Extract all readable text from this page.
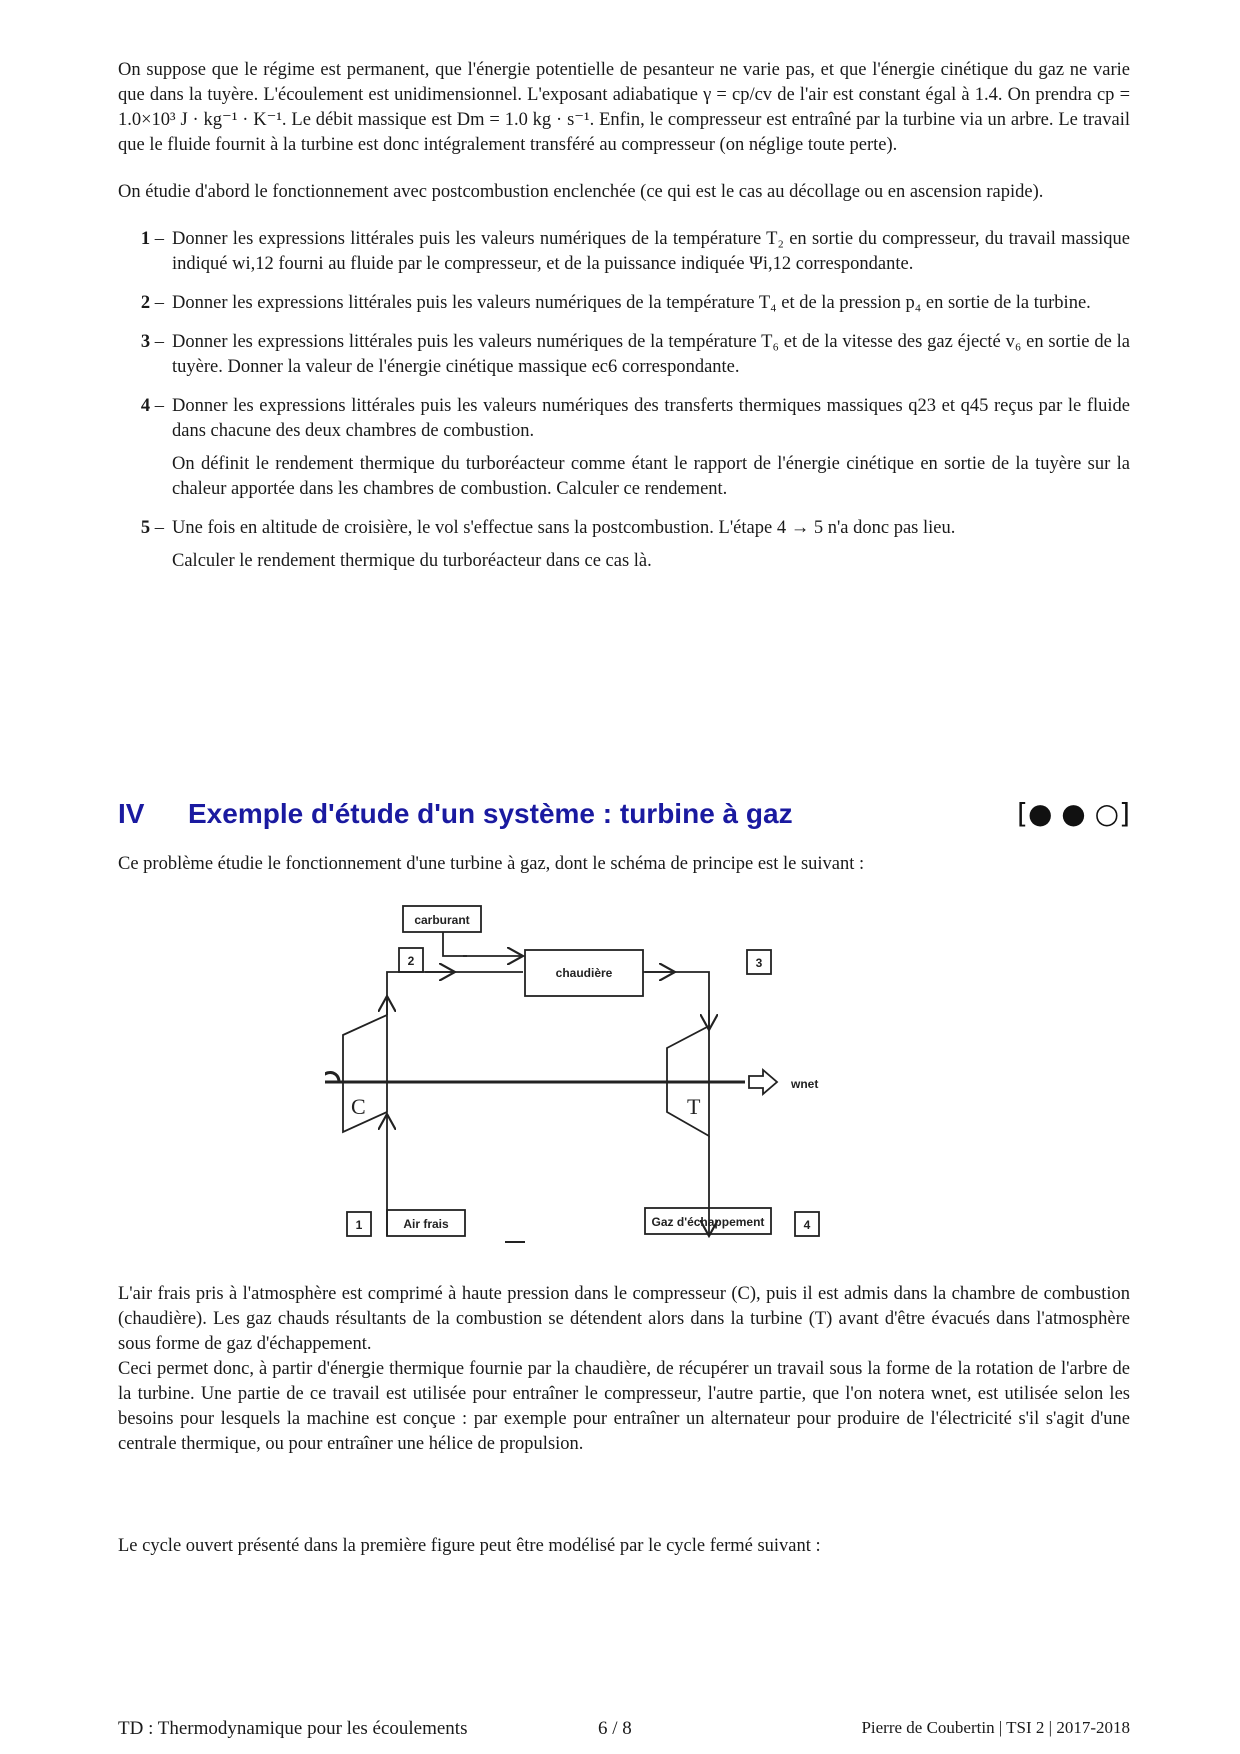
On suppose que le régime est permanent, que l'énergie potentielle de pesanteur ne varie pas, et que l'énergie cinétique du gaz ne varie que dans la tuyère. L'écoulement est unidimensionnel. L'exposant adiabatique γ = cp/cv de l'air est constant égal à 1.4. On prendra cp = 1.0×10³ J · kg⁻¹ · K⁻¹. Le débit massique est Dm = 1.0 kg · s⁻¹. Enfin, le compresseur est entraîné par la turbine via un arbre. Le travail que le fluide fournit à la turbine est donc intégralement transféré au compresseur (on néglige toute perte).

On étudie d'abord le fonctionnement avec postcombustion enclenchée (ce qui est le cas au décollage ou en ascension rapide).

1 – Donner les expressions littérales puis les valeurs numériques de la température T₂ en sortie du compresseur, du travail massique indiqué wi,12 fourni au fluide par le compresseur, et de la puissance indiquée Ψi,12 correspondante.

2 – Donner les expressions littérales puis les valeurs numériques de la température T₄ et de la pression p₄ en sortie de la turbine.

3 – Donner les expressions littérales puis les valeurs numériques de la température T₆ et de la vitesse des gaz éjecté v₆ en sortie de la tuyère. Donner la valeur de l'énergie cinétique massique ec6 correspondante.

4 – Donner les expressions littérales puis les valeurs numériques des transferts thermiques massiques q23 et q45 reçus par le fluide dans chacune des deux chambres de combustion.

On définit le rendement thermique du turboréacteur comme étant le rapport de l'énergie cinétique en sortie de la tuyère sur la chaleur apportée dans les chambres de combustion. Calculer ce rendement.

5 – Une fois en altitude de croisière, le vol s'effectue sans la postcombustion. L'étape 4 → 5 n'a donc pas lieu.

Calculer le rendement thermique du turboréacteur dans ce cas là.

IV	Exemple d'étude d'un système : turbine à gaz	[● ● ○]

Ce problème étudie le fonctionnement d'une turbine à gaz, dont le schéma de principe est le suivant :

carburant
chaudière
2	3
1	4
Air frais	Gaz d'échappement
wnet
C	T

L'air frais pris à l'atmosphère est comprimé à haute pression dans le compresseur (C), puis il est admis dans la chambre de combustion (chaudière). Les gaz chauds résultants de la combustion se détendent alors dans la turbine (T) avant d'être évacués dans l'atmosphère sous forme de gaz d'échappement.

Ceci permet donc, à partir d'énergie thermique fournie par la chaudière, de récupérer un travail sous la forme de la rotation de l'arbre de la turbine. Une partie de ce travail est utilisée pour entraîner le compresseur, l'autre partie, que l'on notera wnet, est utilisée selon les besoins pour lesquels la machine est conçue : par exemple pour entraîner un alternateur pour produire de l'électricité s'il s'agit d'une centrale thermique, ou pour entraîner une hélice de propulsion.

Le cycle ouvert présenté dans la première figure peut être modélisé par le cycle fermé suivant :

TD : Thermodynamique pour les écoulements	6 / 8	Pierre de Coubertin | TSI 2 | 2017-2018
